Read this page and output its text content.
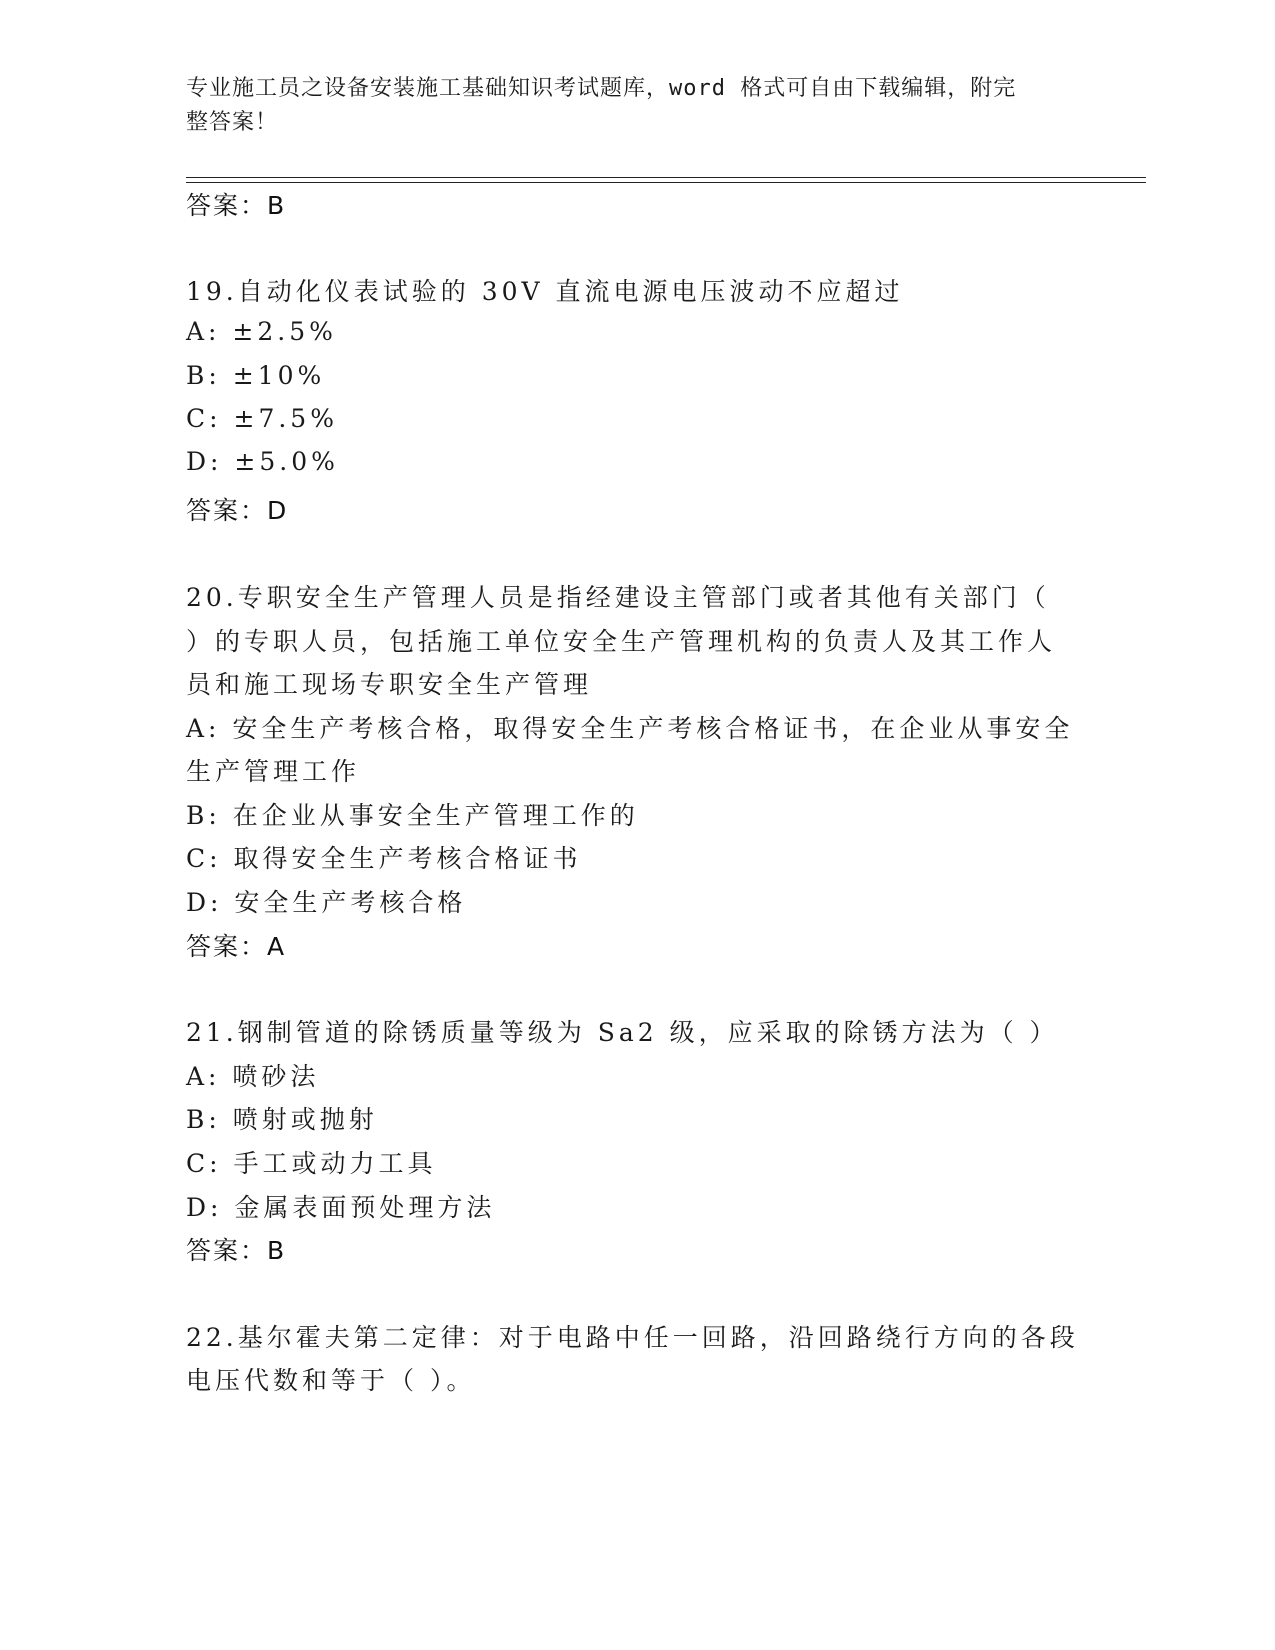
专业施工员之设备安装施工基础知识考试题库，word 格式可自由下载编辑，附完
整答案！
答案：B
19.自动化仪表试验的 30V 直流电源电压波动不应超过
A: ±2.5%
B: ±10%
C: ±7.5%
D: ±5.0%
答案：D
20.专职安全生产管理人员是指经建设主管部门或者其他有关部门（
）的专职人员，包括施工单位安全生产管理机构的负责人及其工作人
员和施工现场专职安全生产管理
A: 安全生产考核合格，取得安全生产考核合格证书，在企业从事安全
生产管理工作
B: 在企业从事安全生产管理工作的
C: 取得安全生产考核合格证书
D: 安全生产考核合格
答案：A
21.钢制管道的除锈质量等级为 Sa2 级，应采取的除锈方法为（ ）
A: 喷砂法
B: 喷射或抛射
C: 手工或动力工具
D: 金属表面预处理方法
答案：B
22.基尔霍夫第二定律：对于电路中任一回路，沿回路绕行方向的各段
电压代数和等于（ ）。
